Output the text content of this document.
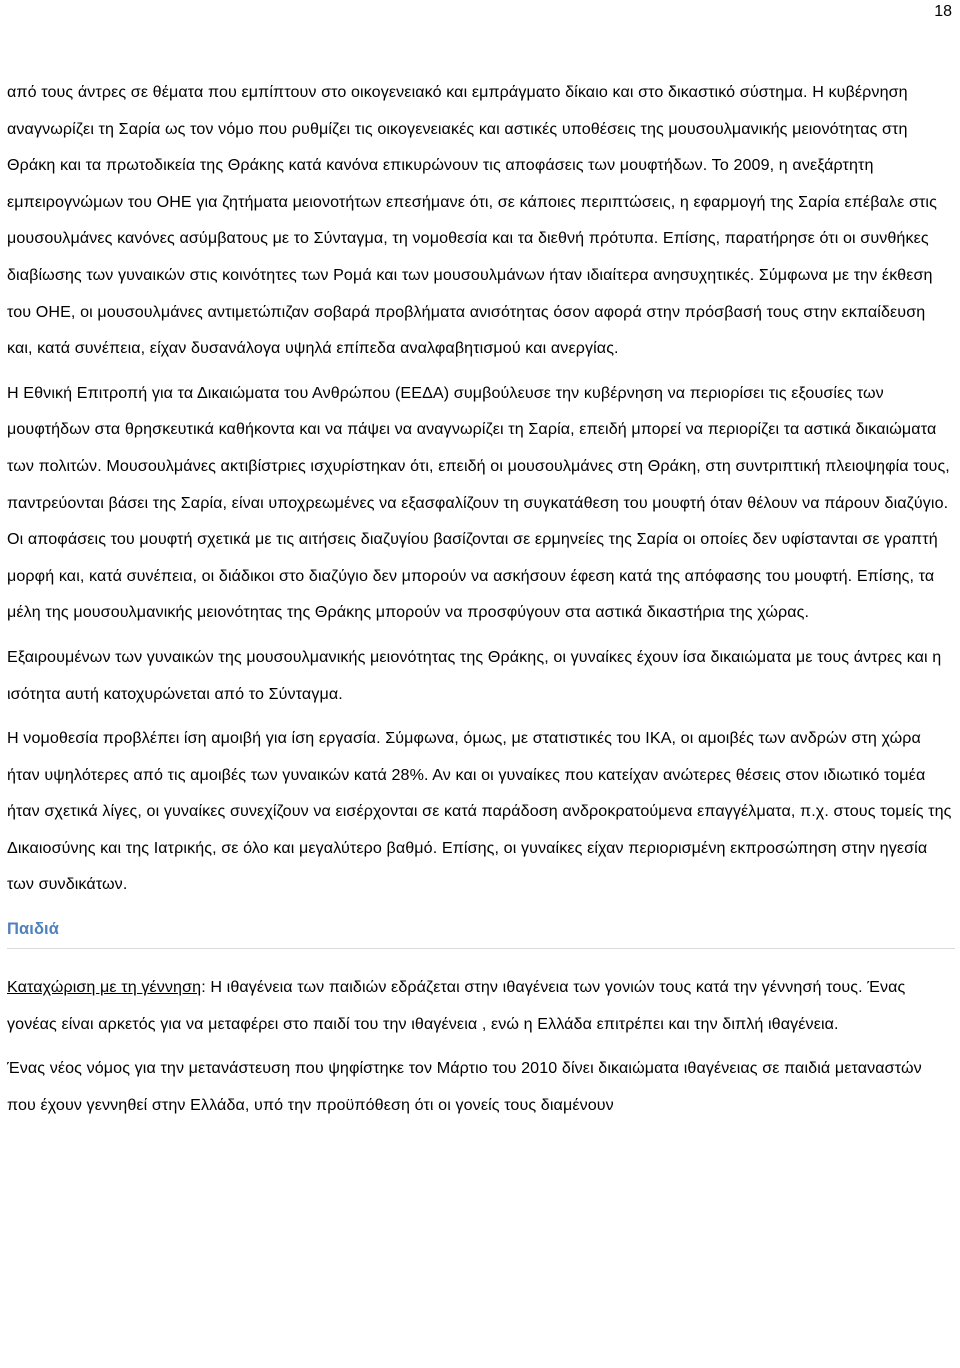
18

από τους άντρες σε θέματα που εμπίπτουν στο οικογενειακό και εμπράγματο δίκαιο και στο δικαστικό σύστημα. Η κυβέρνηση αναγνωρίζει τη Σαρία ως τον νόμο που ρυθμίζει τις οικογενειακές και αστικές υποθέσεις της μουσουλμανικής μειονότητας στη Θράκη και τα πρωτοδικεία της Θράκης κατά κανόνα επικυρώνουν τις αποφάσεις των μουφτήδων. Το 2009, η ανεξάρτητη εμπειρογνώμων του ΟΗΕ για ζητήματα μειονοτήτων επεσήμανε ότι, σε κάποιες περιπτώσεις, η εφαρμογή της Σαρία επέβαλε στις μουσουλμάνες κανόνες ασύμβατους με το Σύνταγμα, τη νομοθεσία και τα διεθνή πρότυπα. Επίσης, παρατήρησε ότι οι συνθήκες διαβίωσης των γυναικών στις κοινότητες των Ρομά και των μουσουλμάνων ήταν ιδιαίτερα ανησυχητικές. Σύμφωνα με την έκθεση του ΟΗΕ, οι μουσουλμάνες αντιμετώπιζαν σοβαρά προβλήματα ανισότητας όσον αφορά στην πρόσβασή τους στην εκπαίδευση και, κατά συνέπεια, είχαν δυσανάλογα υψηλά επίπεδα αναλφαβητισμού και ανεργίας.

Η Εθνική Επιτροπή για τα Δικαιώματα του Ανθρώπου (ΕΕΔΑ) συμβούλευσε την κυβέρνηση να περιορίσει τις εξουσίες των μουφτήδων στα θρησκευτικά καθήκοντα και να πάψει να αναγνωρίζει τη Σαρία, επειδή μπορεί να περιορίζει τα αστικά δικαιώματα των πολιτών. Μουσουλμάνες ακτιβίστριες ισχυρίστηκαν ότι, επειδή οι μουσουλμάνες στη Θράκη, στη συντριπτική πλειοψηφία τους, παντρεύονται βάσει της Σαρία, είναι υποχρεωμένες να εξασφαλίζουν τη συγκατάθεση του μουφτή όταν θέλουν να πάρουν διαζύγιο. Οι αποφάσεις του μουφτή σχετικά με τις αιτήσεις διαζυγίου βασίζονται σε ερμηνείες της Σαρία οι οποίες δεν υφίστανται σε γραπτή μορφή και, κατά συνέπεια, οι διάδικοι στο διαζύγιο δεν μπορούν να ασκήσουν έφεση κατά της απόφασης του μουφτή. Επίσης, τα μέλη της μουσουλμανικής μειονότητας της Θράκης μπορούν να προσφύγουν στα αστικά δικαστήρια της χώρας.

Εξαιρουμένων των γυναικών της μουσουλμανικής μειονότητας της Θράκης, οι γυναίκες έχουν ίσα δικαιώματα με τους άντρες και η ισότητα αυτή κατοχυρώνεται από το Σύνταγμα.

Η νομοθεσία προβλέπει ίση αμοιβή για ίση εργασία. Σύμφωνα, όμως, με στατιστικές του ΙΚΑ, οι αμοιβές των ανδρών στη χώρα ήταν υψηλότερες από τις αμοιβές των γυναικών κατά 28%. Αν και οι γυναίκες που κατείχαν ανώτερες θέσεις στον ιδιωτικό τομέα ήταν σχετικά λίγες, οι γυναίκες συνεχίζουν να εισέρχονται σε κατά παράδοση ανδροκρατούμενα επαγγέλματα, π.χ. στους τομείς της Δικαιοσύνης και της Ιατρικής, σε όλο και μεγαλύτερο βαθμό. Επίσης, οι γυναίκες είχαν περιορισμένη εκπροσώπηση στην ηγεσία των συνδικάτων.

Παιδιά

Καταχώριση με τη γέννηση: Η ιθαγένεια των παιδιών εδράζεται στην ιθαγένεια των γονιών τους κατά την γέννησή τους. Ένας γονέας είναι αρκετός για να μεταφέρει στο παιδί του την ιθαγένεια , ενώ η Ελλάδα επιτρέπει και την διπλή ιθαγένεια.

Ένας νέος νόμος για την μετανάστευση που ψηφίστηκε τον Μάρτιο του 2010 δίνει δικαιώματα ιθαγένειας σε παιδιά μεταναστών που έχουν γεννηθεί στην Ελλάδα, υπό την προϋπόθεση ότι οι γονείς τους διαμένουν
